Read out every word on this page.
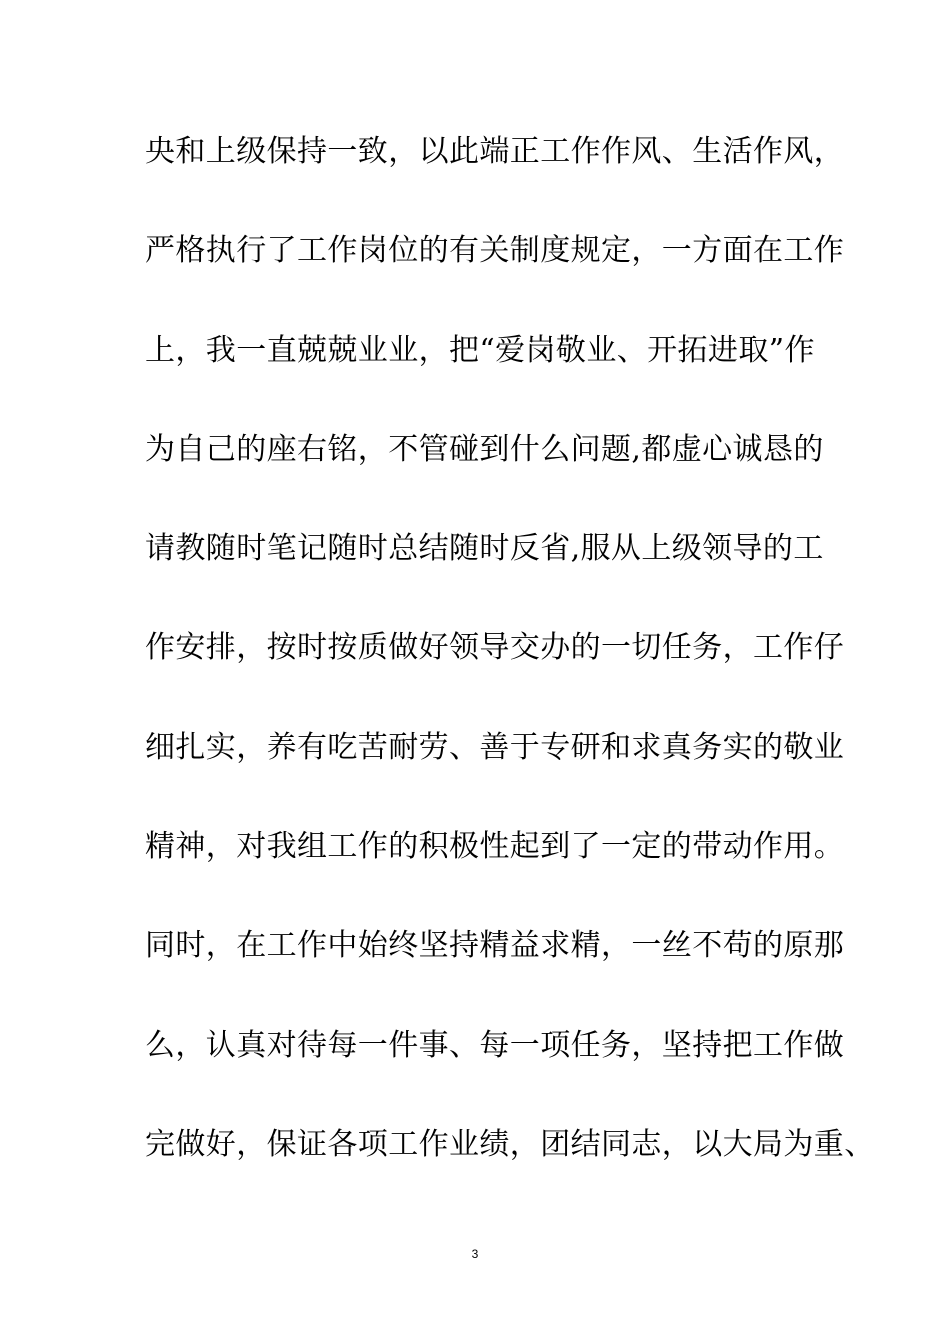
央和上级保持一致，以此端正工作作风、生活作风，
严格执行了工作岗位的有关制度规定，一方面在工作
上，我一直兢兢业业，把“爱岗敬业、开拓进取”作
为自己的座右铭，不管碰到什么问题,都虚心诚恳的
请教随时笔记随时总结随时反省,服从上级领导的工
作安排，按时按质做好领导交办的一切任务，工作仔
细扎实，养有吃苦耐劳、善于专研和求真务实的敬业
精神，对我组工作的积极性起到了一定的带动作用。
同时，在工作中始终坚持精益求精，一丝不苟的原那
么，认真对待每一件事、每一项任务，坚持把工作做
完做好，保证各项工作业绩，团结同志，以大局为重、
3
